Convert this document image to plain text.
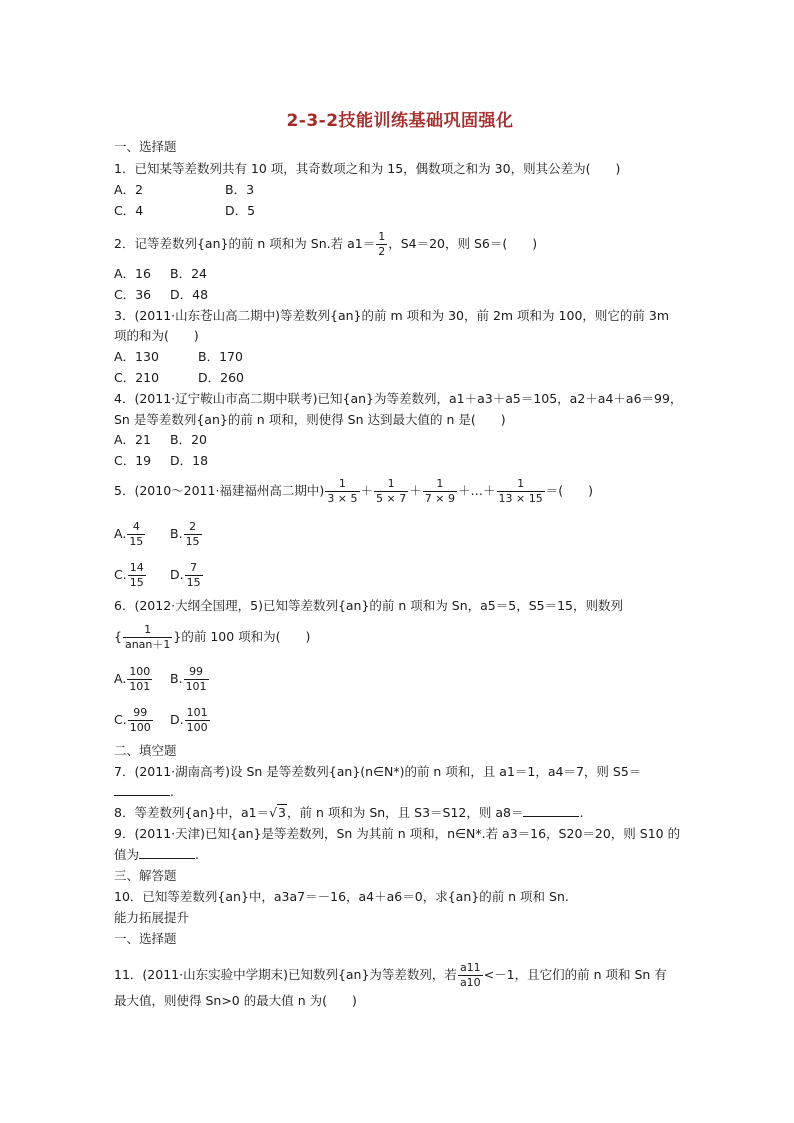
2-3-2技能训练基础巩固强化
一、选择题
1．已知某等差数列共有 10 项，其奇数项之和为 15，偶数项之和为 30，则其公差为(　　)
A．2	B．3
C．4	D．5
2．记等差数列{an}的前 n 项和为 Sn.若 $a1= \frac{1}{2}$ ，S4＝20，则 S6＝(　　)
A．16 B．24
C．36 D．48
3．(2011·山东苍山高二期中)等差数列{an}的前 m 项和为 30，前 2m 项和为 100，则它的前 3m
项的和为(　　)
A．130	B．170
C．210	D．260
4．(2011·辽宁鞍山市高二期中联考)已知{an}为等差数列，a1＋a3＋a5＝105，a2＋a4＋a6＝99，
Sn 是等差数列{an}的前 n 项和，则使得 Sn 达到最大值的 n 是(　　)
A．21 B．20
C．19 D．18
5．(2010～2011·福建福州高二期中) $\frac{1}{3 \times 5} + \frac{1}{5 \times 7} + \frac{1}{7 \times 9}$ ＋…＋ $\frac{1}{13 \times 15}$ ＝(　　)
A. $\frac{4}{15} B$. $\frac{2}{15}$
C. $\frac{14}{15} D$. $\frac{7}{15}$
6．(2012·大纲全国理，5)已知等差数列{an}的前 n 项和为 Sn，a5＝5，S5＝15，则数列
{ $\frac{1}{\text{anan＋1}}$ }的前 100 项和为(　　)
A. $\frac{100}{101} B$. $\frac{99}{101}$
C. $\frac{99}{100} D$. $\frac{101}{100}$
二、填空题
7．(2011·湖南高考)设 Sn 是等差数列{an}(n∈N*)的前 n 项和，且 a1＝1，a4＝7，则 S5＝
.
8．等差数列{an}中，a1＝√3，前 n 项和为 Sn，且 S3＝S12，则 a8＝	.
9．(2011·天津)已知{an}是等差数列，Sn 为其前 n 项和，n∈N*.若 a3＝16，S20＝20，则 S10 的
值为	.
三、解答题
10．已知等差数列{an}中，a3a7＝－16，a4＋a6＝0，求{an}的前 n 项和 Sn.
能力拓展提升
一、选择题
11．(2011·山东实验中学期末)已知数列{an}为等差数列，若 $\frac{a11}{a10} <-1$，且它们的前 n 项和 Sn 有
最大值，则使得 Sn>0 的最大值 n 为(　　)
